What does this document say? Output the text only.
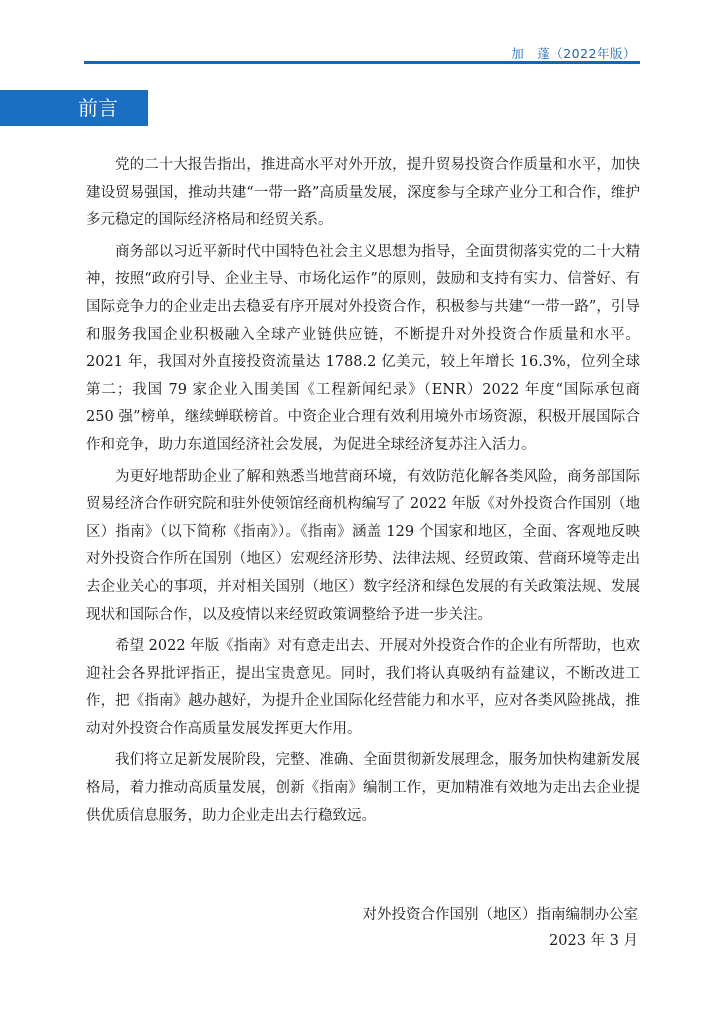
加　蓬（2022年版）
前言

党的二十大报告指出，推进高水平对外开放，提升贸易投资合作质量和水平，加快建设贸易强国，推动共建“一带一路”高质量发展，深度参与全球产业分工和合作，维护多元稳定的国际经济格局和经贸关系。

商务部以习近平新时代中国特色社会主义思想为指导，全面贯彻落实党的二十大精神，按照“政府引导、企业主导、市场化运作”的原则，鼓励和支持有实力、信誉好、有国际竞争力的企业走出去稳妥有序开展对外投资合作，积极参与共建“一带一路”，引导和服务我国企业积极融入全球产业链供应链，不断提升对外投资合作质量和水平。2021 年，我国对外直接投资流量达 1788.2 亿美元，较上年增长 16.3%，位列全球第二；我国 79 家企业入围美国《工程新闻纪录》（ENR）2022 年度“国际承包商 250 强”榜单，继续蝉联榜首。中资企业合理有效利用境外市场资源，积极开展国际合作和竞争，助力东道国经济社会发展，为促进全球经济复苏注入活力。

为更好地帮助企业了解和熟悉当地营商环境，有效防范化解各类风险，商务部国际贸易经济合作研究院和驻外使领馆经商机构编写了 2022 年版《对外投资合作国别（地区）指南》（以下简称《指南》）。《指南》涵盖 129 个国家和地区，全面、客观地反映对外投资合作所在国别（地区）宏观经济形势、法律法规、经贸政策、营商环境等走出去企业关心的事项，并对相关国别（地区）数字经济和绿色发展的有关政策法规、发展现状和国际合作，以及疫情以来经贸政策调整给予进一步关注。

希望 2022 年版《指南》对有意走出去、开展对外投资合作的企业有所帮助，也欢迎社会各界批评指正，提出宝贵意见。同时，我们将认真吸纳有益建议，不断改进工作，把《指南》越办越好，为提升企业国际化经营能力和水平，应对各类风险挑战，推动对外投资合作高质量发展发挥更大作用。

我们将立足新发展阶段，完整、准确、全面贯彻新发展理念，服务加快构建新发展格局，着力推动高质量发展，创新《指南》编制工作，更加精准有效地为走出去企业提供优质信息服务，助力企业走出去行稳致远。

对外投资合作国别（地区）指南编制办公室
2023 年 3 月
